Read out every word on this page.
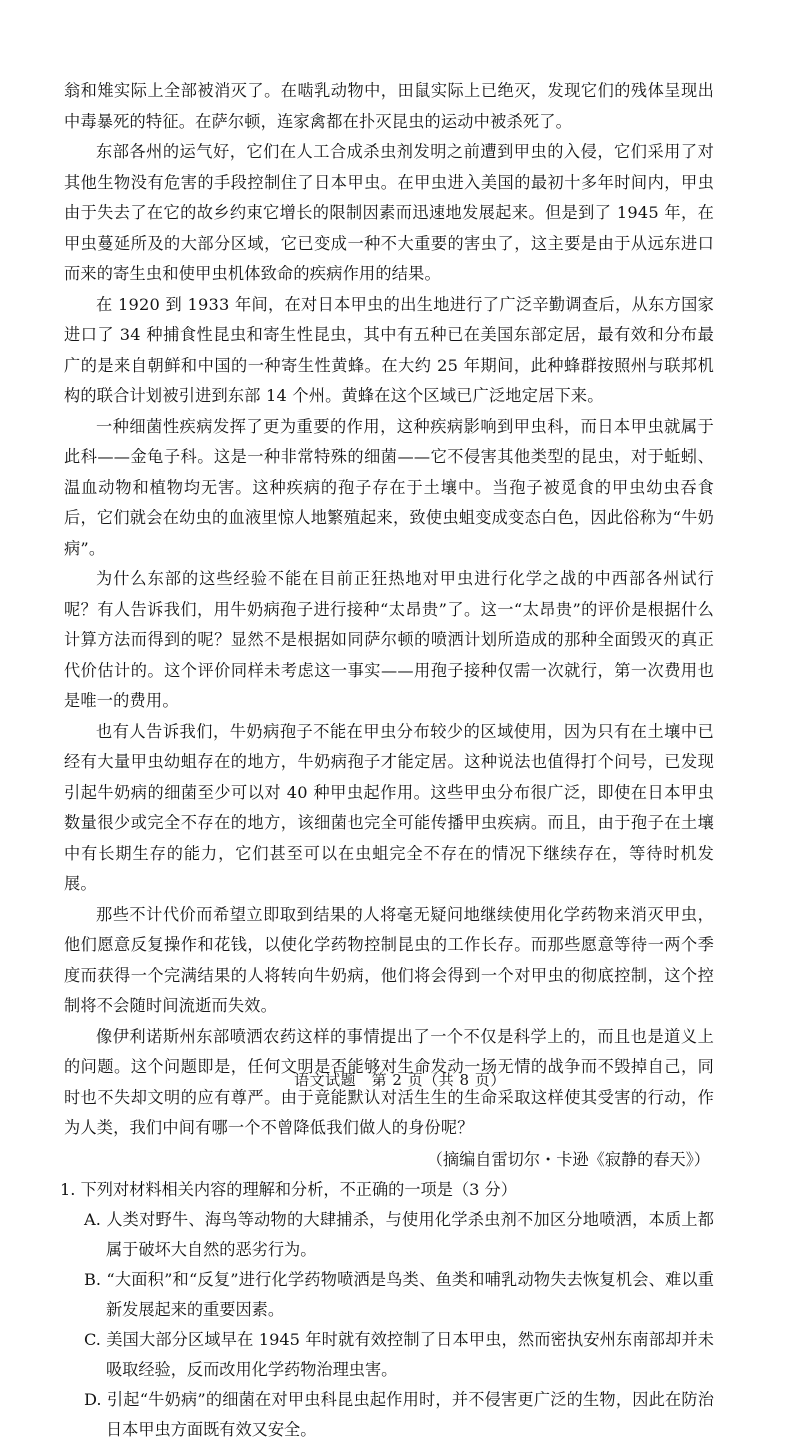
翁和雉实际上全部被消灭了。在啮乳动物中，田鼠实际上已绝灭，发现它们的残体呈现出中毒暴死的特征。在萨尔顿，连家禽都在扑灭昆虫的运动中被杀死了。

东部各州的运气好，它们在人工合成杀虫剂发明之前遭到甲虫的入侵，它们采用了对其他生物没有危害的手段控制住了日本甲虫。在甲虫进入美国的最初十多年时间内，甲虫由于失去了在它的故乡约束它增长的限制因素而迅速地发展起来。但是到了 1945 年，在甲虫蔓延所及的大部分区域，它已变成一种不大重要的害虫了，这主要是由于从远东进口而来的寄生虫和使甲虫机体致命的疾病作用的结果。

在 1920 到 1933 年间，在对日本甲虫的出生地进行了广泛辛勤调查后，从东方国家进口了 34 种捕食性昆虫和寄生性昆虫，其中有五种已在美国东部定居，最有效和分布最广的是来自朝鲜和中国的一种寄生性黄蜂。在大约 25 年期间，此种蜂群按照州与联邦机构的联合计划被引进到东部 14 个州。黄蜂在这个区域已广泛地定居下来。

一种细菌性疾病发挥了更为重要的作用，这种疾病影响到甲虫科，而日本甲虫就属于此科——金龟子科。这是一种非常特殊的细菌——它不侵害其他类型的昆虫，对于蚯蚓、温血动物和植物均无害。这种疾病的孢子存在于土壤中。当孢子被觅食的甲虫幼虫吞食后，它们就会在幼虫的血液里惊人地繁殖起来，致使虫蛆变成变态白色，因此俗称为“牛奶病”。

为什么东部的这些经验不能在目前正狂热地对甲虫进行化学之战的中西部各州试行呢？有人告诉我们，用牛奶病孢子进行接种“太昂贵”了。这一“太昂贵”的评价是根据什么计算方法而得到的呢？显然不是根据如同萨尔顿的喷洒计划所造成的那种全面毁灭的真正代价估计的。这个评价同样未考虑这一事实——用孢子接种仅需一次就行，第一次费用也是唯一的费用。

也有人告诉我们，牛奶病孢子不能在甲虫分布较少的区域使用，因为只有在土壤中已经有大量甲虫幼蛆存在的地方，牛奶病孢子才能定居。这种说法也值得打个问号，已发现引起牛奶病的细菌至少可以对 40 种甲虫起作用。这些甲虫分布很广泛，即使在日本甲虫数量很少或完全不存在的地方，该细菌也完全可能传播甲虫疾病。而且，由于孢子在土壤中有长期生存的能力，它们甚至可以在虫蛆完全不存在的情况下继续存在，等待时机发展。

那些不计代价而希望立即取到结果的人将毫无疑问地继续使用化学药物来消灭甲虫，他们愿意反复操作和花钱，以使化学药物控制昆虫的工作长存。而那些愿意等待一两个季度而获得一个完满结果的人将转向牛奶病，他们将会得到一个对甲虫的彻底控制，这个控制将不会随时间流逝而失效。

像伊利诺斯州东部喷洒农药这样的事情提出了一个不仅是科学上的，而且也是道义上的问题。这个问题即是，任何文明是否能够对生命发动一场无情的战争而不毁掉自己，同时也不失却文明的应有尊严。由于竟能默认对活生生的生命采取这样使其受害的行动，作为人类，我们中间有哪一个不曾降低我们做人的身份呢？

（摘编自雷切尔・卡逊《寂静的春天》）

1. 下列对材料相关内容的理解和分析，不正确的一项是（3 分）

A. 人类对野牛、海鸟等动物的大肆捕杀，与使用化学杀虫剂不加区分地喷洒，本质上都属于破坏大自然的恶劣行为。

B. “大面积”和“反复”进行化学药物喷洒是鸟类、鱼类和哺乳动物失去恢复机会、难以重新发展起来的重要因素。

C. 美国大部分区域早在 1945 年时就有效控制了日本甲虫，然而密执安州东南部却并未吸取经验，反而改用化学药物治理虫害。

D. 引起“牛奶病”的细菌在对甲虫科昆虫起作用时，并不侵害更广泛的生物，因此在防治日本甲虫方面既有效又安全。

语文试题　第 2 页（共 8 页）
